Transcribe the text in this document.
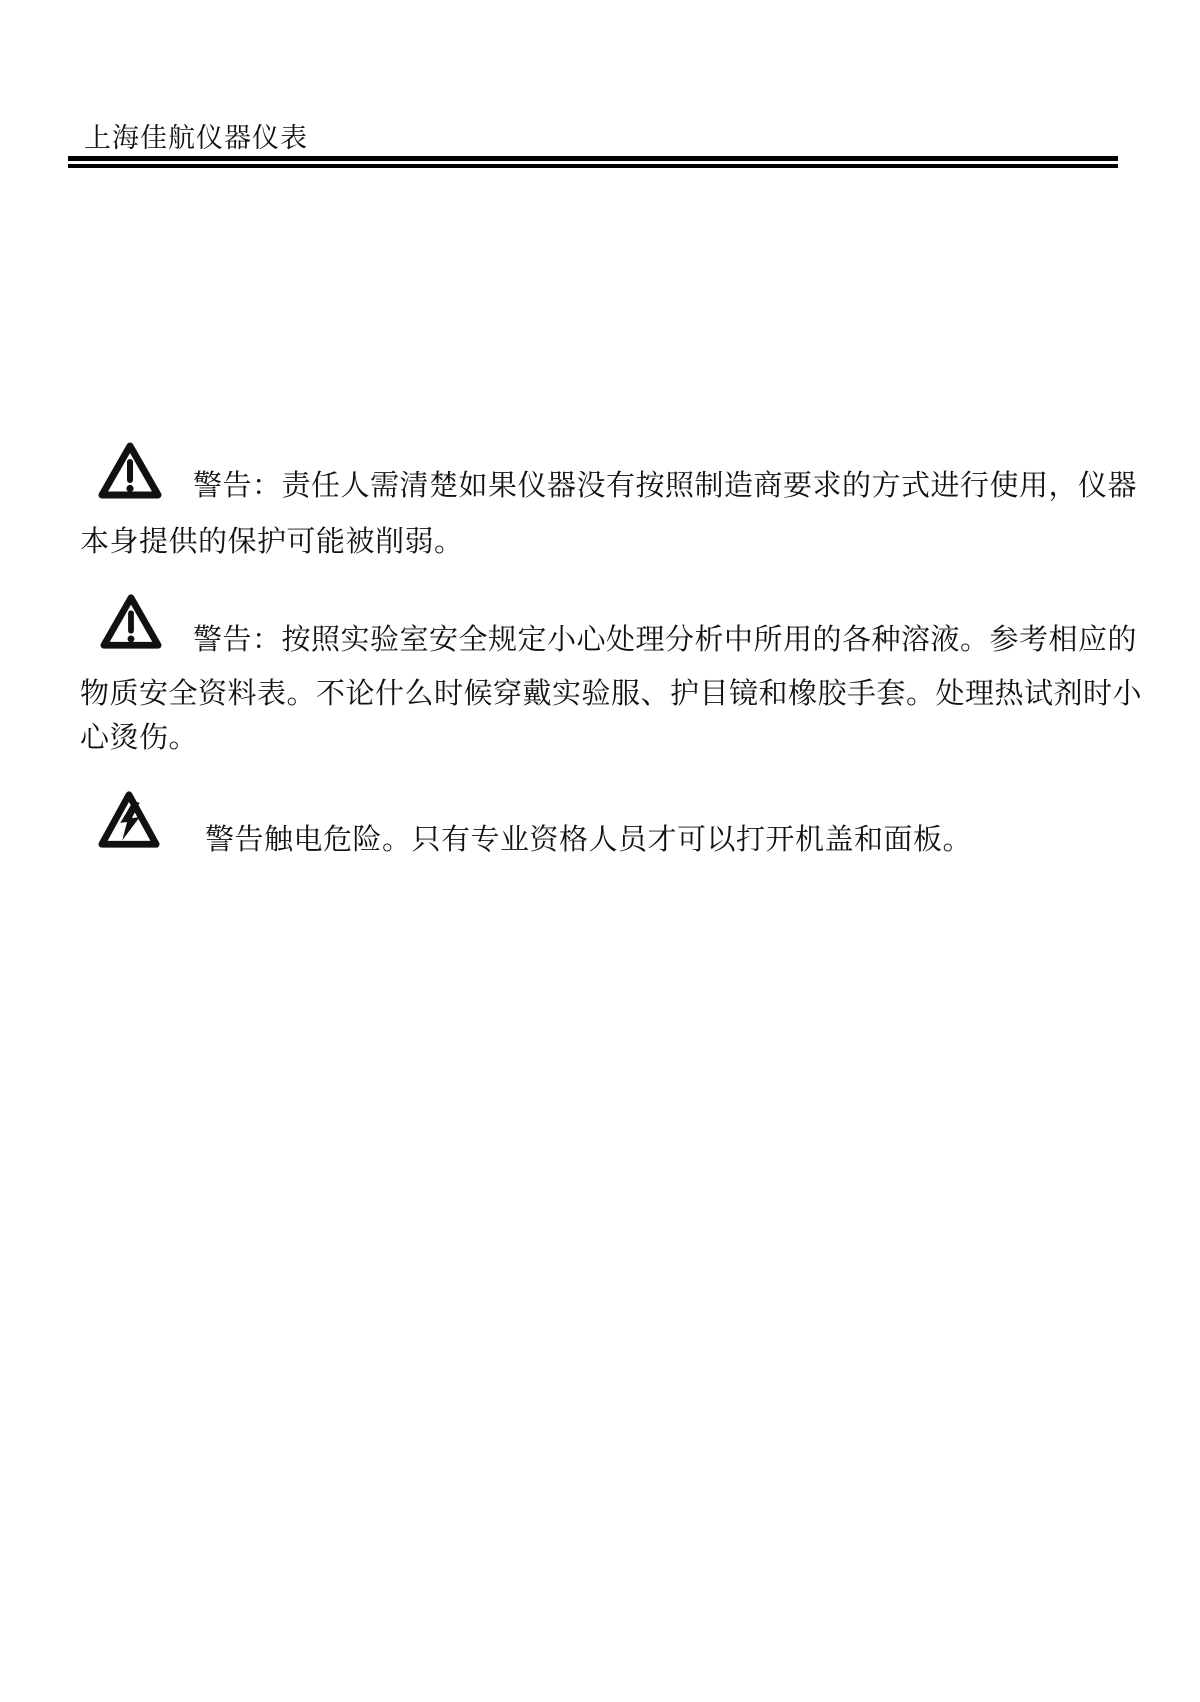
上海佳航仪器仪表
警告：责任人需清楚如果仪器没有按照制造商要求的方式进行使用，仪器
本身提供的保护可能被削弱。
警告：按照实验室安全规定小心处理分析中所用的各种溶液。参考相应的
物质安全资料表。不论什么时候穿戴实验服、护目镜和橡胶手套。处理热试剂时小
心烫伤。
警告触电危险。只有专业资格人员才可以打开机盖和面板。
